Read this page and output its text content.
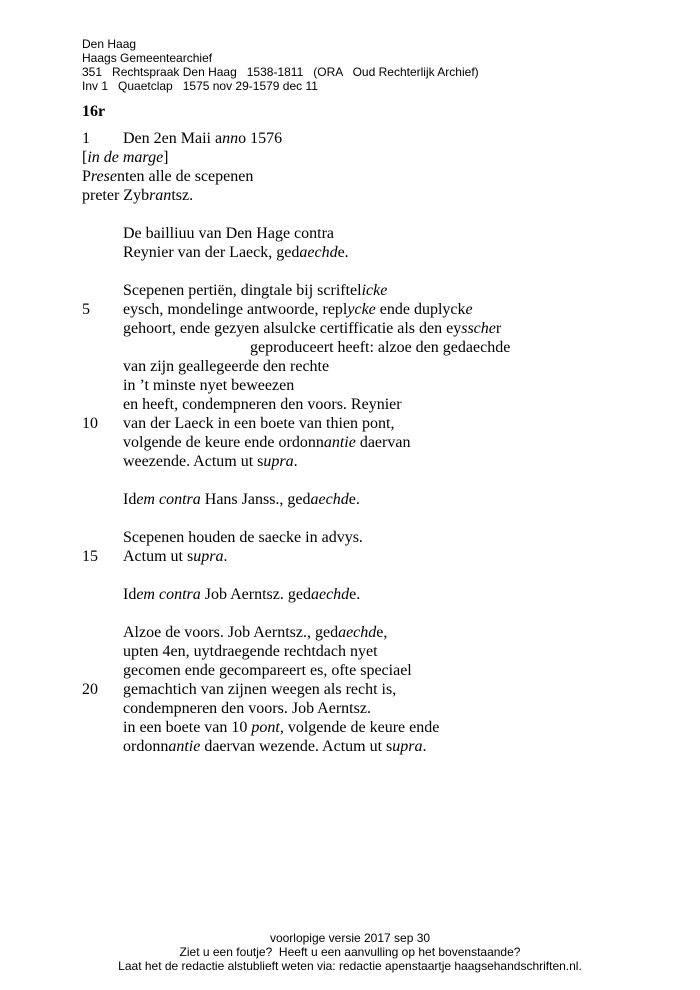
Den Haag
Haags Gemeentearchief
351   Rechtspraak Den Haag   1538-1811   (ORA   Oud Rechterlijk Archief)
Inv 1   Quaetclap   1575 nov 29-1579 dec 11
16r
1	Den 2en Maii anno 1576
[in de marge]
Presenten alle de scepenen
preter Zybrantsz.
De bailliuu van Den Hage contra
Reynier van der Laeck, gedaechde.
Scepenen pertiën, dingtale bij scriftelicke
5	eysch, mondelinge antwoorde, replycke ende duplycke
gehoort, ende gezyen alsulcke certifficatie als den eysscher
geproduceert heeft: alzoe den gedaechde
van zijn geallegeerde den rechte
in ’t minste nyet beweezen
en heeft, condempneren den voors. Reynier
10	van der Laeck in een boete van thien pont,
volgende de keure ende ordonnantie daervan
weezende. Actum ut supra.
Idem contra Hans Janss., gedaechde.
Scepenen houden de saecke in advys.
15	Actum ut supra.
Idem contra Job Aerntsz. gedaechde.
Alzoe de voors. Job Aerntsz., gedaechde,
upten 4en, uytdraegende rechtdach nyet
gecomen ende gecompareert es, ofte speciael
20	gemachtich van zijnen weegen als recht is,
condempneren den voors. Job Aerntsz.
in een boete van 10 pont, volgende de keure ende
ordonnantie daervan wezende. Actum ut supra.
voorlopige versie 2017 sep 30
Ziet u een foutje?  Heeft u een aanvulling op het bovenstaande?
Laat het de redactie alstublieft weten via: redactie apenstaartje haagsehandschriften.nl.
